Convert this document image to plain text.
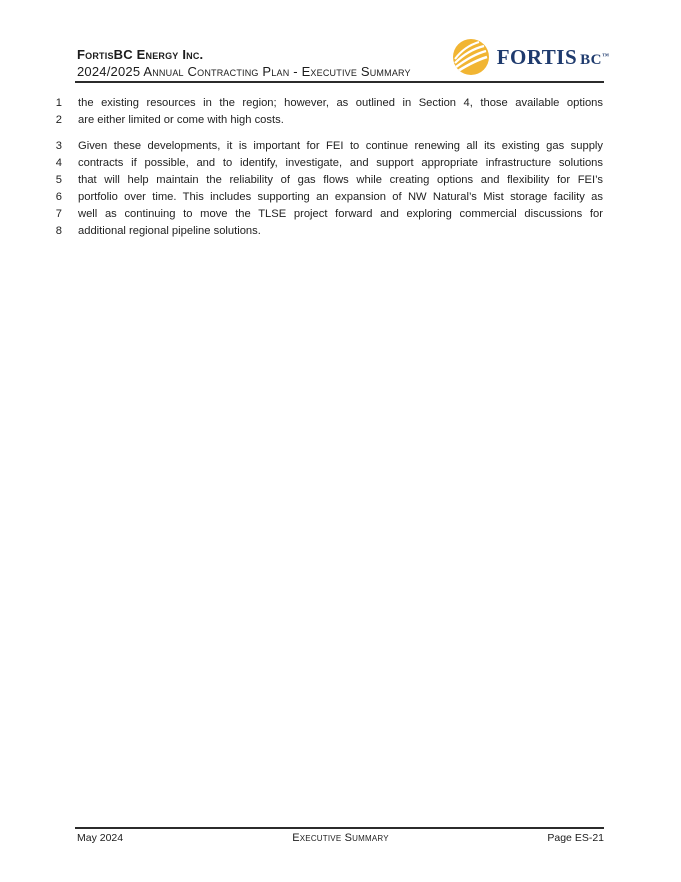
FortisBC Energy Inc.
2024/2025 Annual Contracting Plan - Executive Summary
FORTIS BC™
1 the existing resources in the region; however, as outlined in Section 4, those available options
2 are either limited or come with high costs.
3 Given these developments, it is important for FEI to continue renewing all its existing gas supply
4 contracts if possible, and to identify, investigate, and support appropriate infrastructure solutions
5 that will help maintain the reliability of gas flows while creating options and flexibility for FEI’s
6 portfolio over time. This includes supporting an expansion of NW Natural’s Mist storage facility as
7 well as continuing to move the TLSE project forward and exploring commercial discussions for
8 additional regional pipeline solutions.
May 2024	Executive Summary	Page ES-21
